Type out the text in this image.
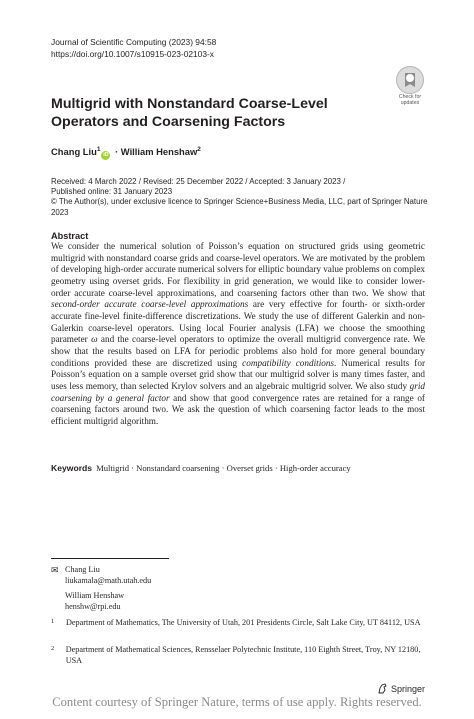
Journal of Scientific Computing (2023) 94:58
https://doi.org/10.1007/s10915-023-02103-x
Check for
updates
Multigrid with Nonstandard Coarse-Level Operators and Coarsening Factors
Chang Liu$^1$iD · William Henshaw$^2$
Received: 4 March 2022 / Revised: 25 December 2022 / Accepted: 3 January 2023 /
Published online: 31 January 2023
© The Author(s), under exclusive licence to Springer Science+Business Media, LLC, part of Springer Nature 2023
Abstract

We consider the numerical solution of Poisson’s equation on structured grids using geometric multigrid with nonstandard coarse grids and coarse-level operators. We are motivated by the problem of developing high-order accurate numerical solvers for elliptic boundary value problems on complex geometry using overset grids. For flexibility in grid generation, we would like to consider lower-order accurate coarse-level approximations, and coarsening factors other than two. We show that second-order accurate coarse-level approximations are very effective for fourth- or sixth-order accurate fine-level finite-difference discretizations. We study the use of different Galerkin and non-Galerkin coarse-level operators. Using local Fourier analysis (LFA) we choose the smoothing parameter ω and the coarse-level operators to optimize the overall multigrid convergence rate. We show that the results based on LFA for periodic problems also hold for more general boundary conditions provided these are discretized using compatibility conditions. Numerical results for Poisson’s equation on a sample overset grid show that our multigrid solver is many times faster, and uses less memory, than selected Krylov solvers and an algebraic multigrid solver. We also study grid coarsening by a general factor and show that good convergence rates are retained for a range of coarsening factors around two. We ask the question of which coarsening factor leads to the most efficient multigrid algorithm.

Keywords Multigrid · Nonstandard coarsening · Overset grids · High-order accuracy
✉ Chang Liu
liukamala@math.utah.edu
William Henshaw
henshw@rpi.edu
1	Department of Mathematics, The University of Utah, 201 Presidents Circle, Salt Lake City, UT 84112, USA
2	Department of Mathematical Sciences, Rensselaer Polytechnic Institute, 110 Eighth Street, Troy, NY 12180, USA
Springer
Content courtesy of Springer Nature, terms of use apply. Rights reserved.
